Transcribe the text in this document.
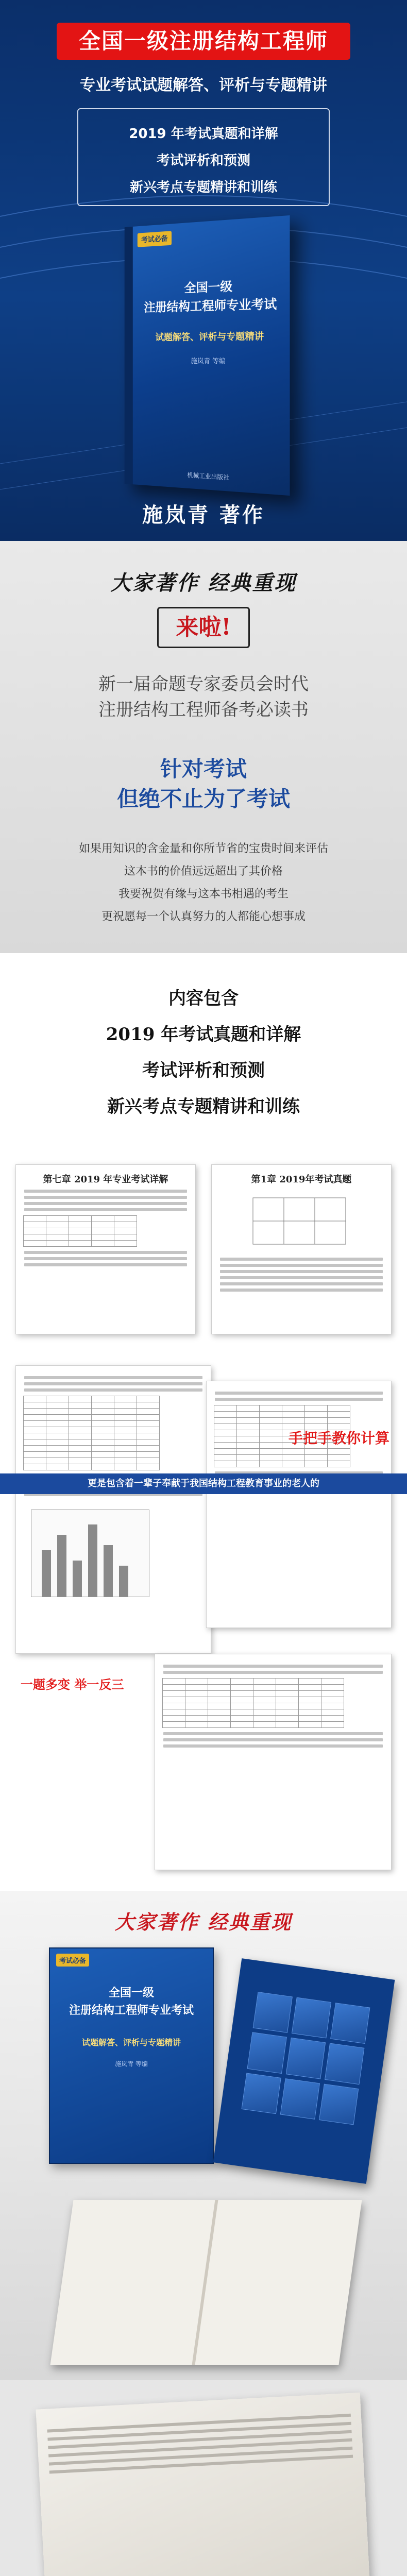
全国一级注册结构工程师
专业考试试题解答、评析与专题精讲
2019 年考试真题和详解
考试评析和预测
新兴考点专题精讲和训练
考试必备
全国一级
注册结构工程师专业考试
试题解答、评析与专题精讲
施岚青 等编
机械工业出版社
施岚青 著作
大家著作 经典重现
来啦!
新一届命题专家委员会时代
注册结构工程师备考必读书
针对考试
但绝不止为了考试
如果用知识的含金量和你所节省的宝贵时间来评估
这本书的价值远远超出了其价格
我要祝贺有缘与这本书相遇的考生
更祝愿每一个认真努力的人都能心想事成
内容包含
2019 年考试真题和详解
考试评析和预测
新兴考点专题精讲和训练
第七章 2019 年专业考试详解

					第1章 2019年考试真题

手把手教你计算
更是包含着一辈子奉献于我国结构工程教育事业的老人的

一题多变 举一反三
大家著作 经典重现
考试必备
全国一级
注册结构工程师专业考试
试题解答、评析与专题精讲
施岚青 等编
